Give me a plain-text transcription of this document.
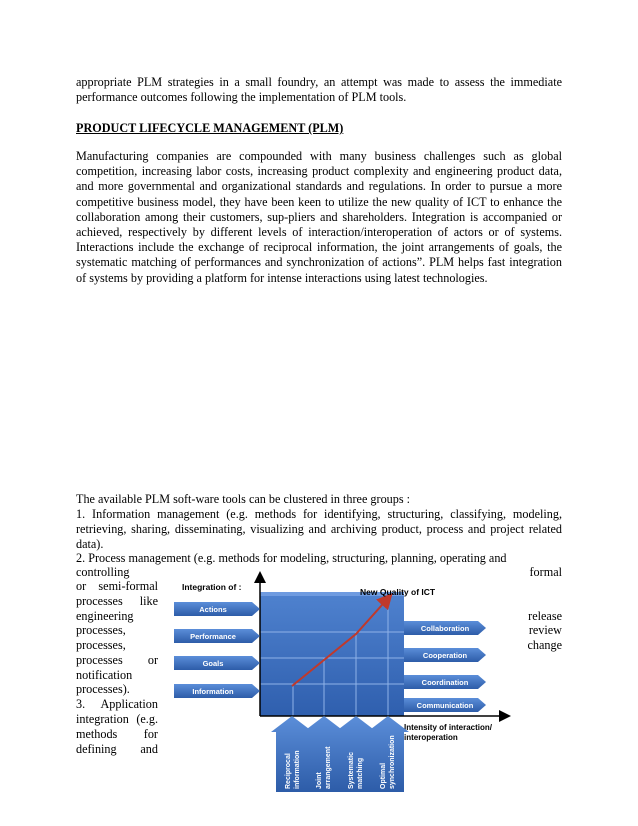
appropriate PLM strategies in a small foundry, an attempt was made to assess the immediate performance outcomes following the implementation of PLM tools.

PRODUCT LIFECYCLE MANAGEMENT (PLM)

Manufacturing companies are compounded with many business challenges such as global competition, increasing labor costs, increasing product complexity and engineering product data, and more governmental and organizational standards and regulations. In order to pursue a more competitive business model, they have been keen to utilize the new quality of ICT to enhance the collaboration among their customers, sup-pliers and shareholders. Integration is accompanied or achieved, respectively by different levels of interaction/interoperation of actors or of systems. Interactions include the exchange of reciprocal information, the joint arrangements of goals, the systematic matching of performances and synchronization of actions”. PLM helps fast integration of systems by providing a platform for intense interactions using latest technologies.

The available PLM soft-ware tools can be clustered in three groups :

1. Information management (e.g. methods for identifying, structuring, classifying, modeling, retrieving, sharing, disseminating, visualizing and archiving product, process and project related data).

2. Process management (e.g. methods for modeling, structuring, planning, operating and

controlling	formal
or semi-formal
processes like
engineering	release
processes,	review
processes,	change
processes or
notification
processes).
3. Application
integration (e.g.
methods for
defining and
Integration of :	New Quality of ICT
Actions
Performance
Goals
Information
Collaboration
Cooperation
Coordination
Communication
Intensity of interaction/
interoperation
Reciprocal information Joint arrangement Systematic matching Optimal synchronization
